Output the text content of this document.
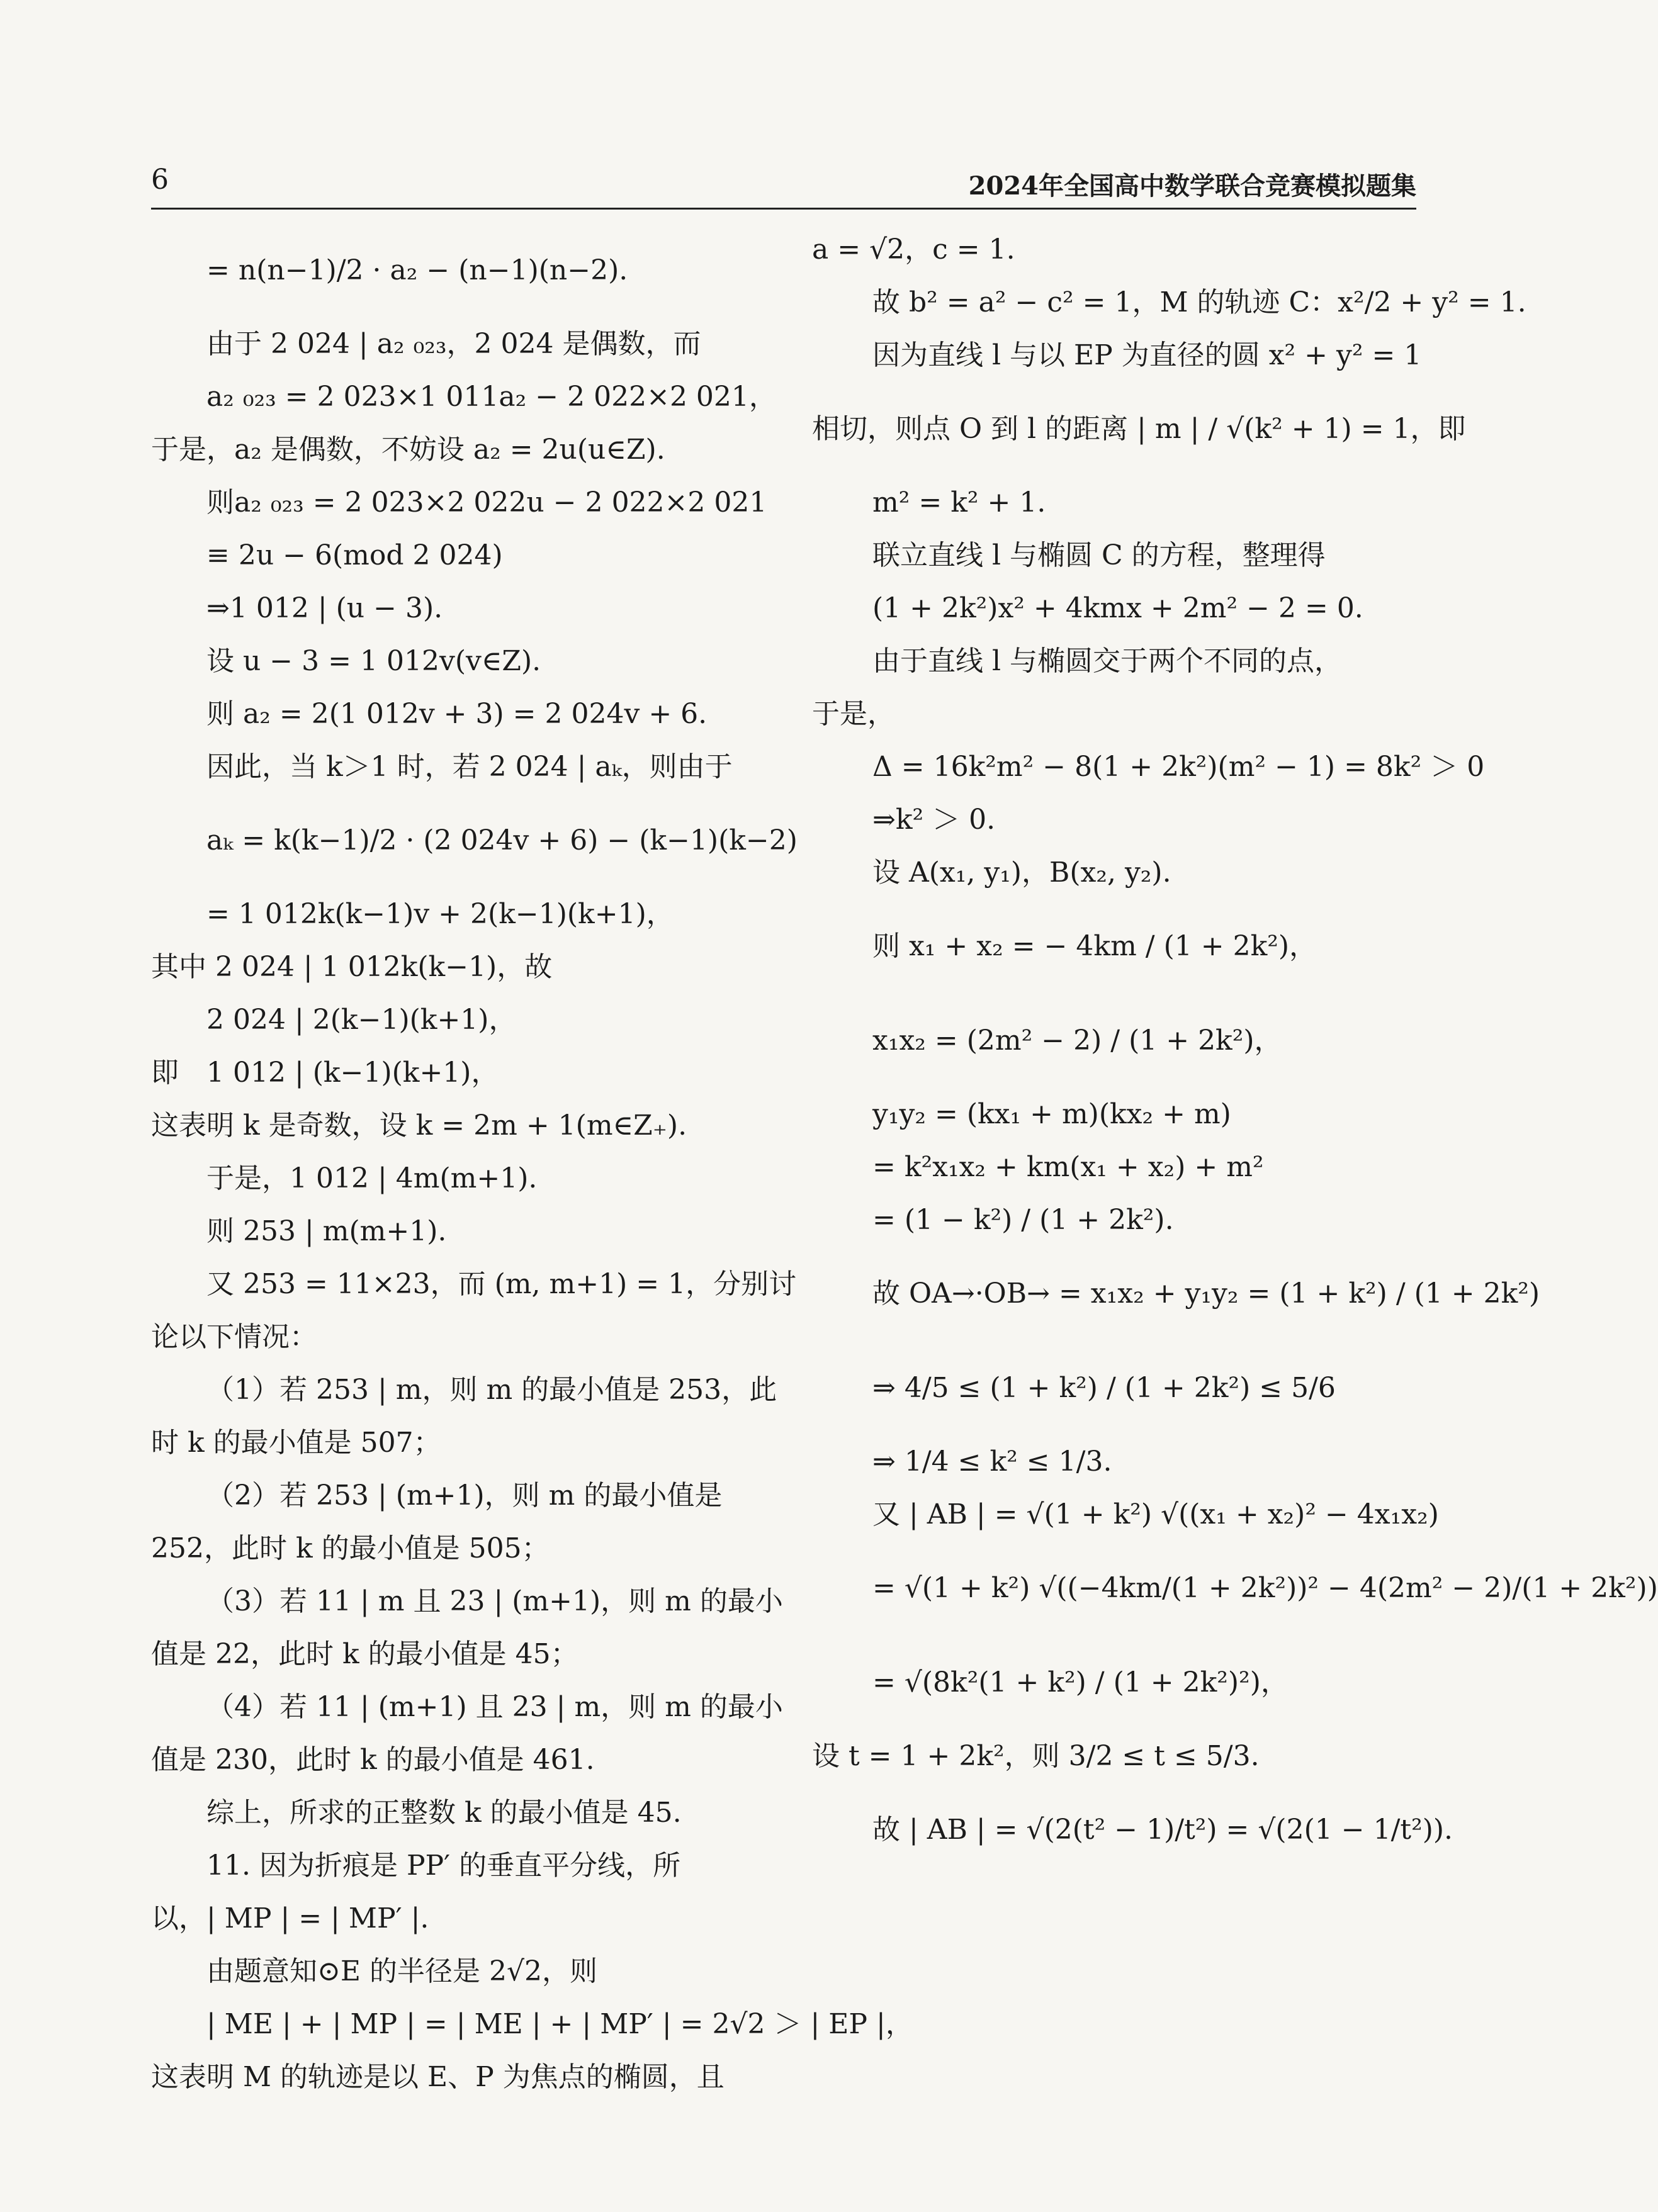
6	2024年全国高中数学联合竞赛模拟题集
= n(n−1)/2 · a₂ − (n−1)(n−2).
由于 2 024 | a₂ ₀₂₃，2 024 是偶数，而
a₂ ₀₂₃ = 2 023×1 011a₂ − 2 022×2 021，
于是，a₂ 是偶数，不妨设 a₂ = 2u(u∈Z).
则a₂ ₀₂₃ = 2 023×2 022u − 2 022×2 021
≡ 2u − 6(mod 2 024)
⇒1 012 | (u − 3).
设 u − 3 = 1 012v(v∈Z).
则 a₂ = 2(1 012v + 3) = 2 024v + 6.
因此，当 k＞1 时，若 2 024 | aₖ，则由于
aₖ = k(k−1)/2 · (2 024v + 6) − (k−1)(k−2)
= 1 012k(k−1)v + 2(k−1)(k+1)，
其中 2 024 | 1 012k(k−1)，故
2 024 | 2(k−1)(k+1)，
即　1 012 | (k−1)(k+1)，
这表明 k 是奇数，设 k = 2m + 1(m∈Z₊).
于是，1 012 | 4m(m+1).
则 253 | m(m+1).
又 253 = 11×23，而 (m, m+1) = 1，分别讨
论以下情况：
（1）若 253 | m，则 m 的最小值是 253，此
时 k 的最小值是 507；
（2）若 253 | (m+1)，则 m 的最小值是
252，此时 k 的最小值是 505；
（3）若 11 | m 且 23 | (m+1)，则 m 的最小
值是 22，此时 k 的最小值是 45；
（4）若 11 | (m+1) 且 23 | m，则 m 的最小
值是 230，此时 k 的最小值是 461.
综上，所求的正整数 k 的最小值是 45.
11. 因为折痕是 PP′ 的垂直平分线，所
以，| MP | = | MP′ |.
由题意知⊙E 的半径是 2√2，则
| ME | + | MP | = | ME | + | MP′ | = 2√2 ＞ | EP |，
这表明 M 的轨迹是以 E、P 为焦点的椭圆，且
a = √2，c = 1.
故 b² = a² − c² = 1，M 的轨迹 C：x²/2 + y² = 1.
因为直线 l 与以 EP 为直径的圆 x² + y² = 1
相切，则点 O 到 l 的距离 | m | / √(k² + 1) = 1，即
m² = k² + 1.
联立直线 l 与椭圆 C 的方程，整理得
(1 + 2k²)x² + 4kmx + 2m² − 2 = 0.
由于直线 l 与椭圆交于两个不同的点，
于是，
Δ = 16k²m² − 8(1 + 2k²)(m² − 1) = 8k² ＞ 0
⇒k² ＞ 0.
设 A(x₁, y₁)，B(x₂, y₂).
则 x₁ + x₂ = − 4km / (1 + 2k²)，
x₁x₂ = (2m² − 2) / (1 + 2k²)，
y₁y₂ = (kx₁ + m)(kx₂ + m)
= k²x₁x₂ + km(x₁ + x₂) + m²
= (1 − k²) / (1 + 2k²).
故 OA→·OB→ = x₁x₂ + y₁y₂ = (1 + k²) / (1 + 2k²)
⇒ 4/5 ≤ (1 + k²) / (1 + 2k²) ≤ 5/6
⇒ 1/4 ≤ k² ≤ 1/3.
又 | AB | = √(1 + k²) √((x₁ + x₂)² − 4x₁x₂)
= √(1 + k²) √((−4km/(1 + 2k²))² − 4(2m² − 2)/(1 + 2k²))
= √(8k²(1 + k²) / (1 + 2k²)²)，
设 t = 1 + 2k²，则 3/2 ≤ t ≤ 5/3.
故 | AB | = √(2(t² − 1)/t²) = √(2(1 − 1/t²)).
